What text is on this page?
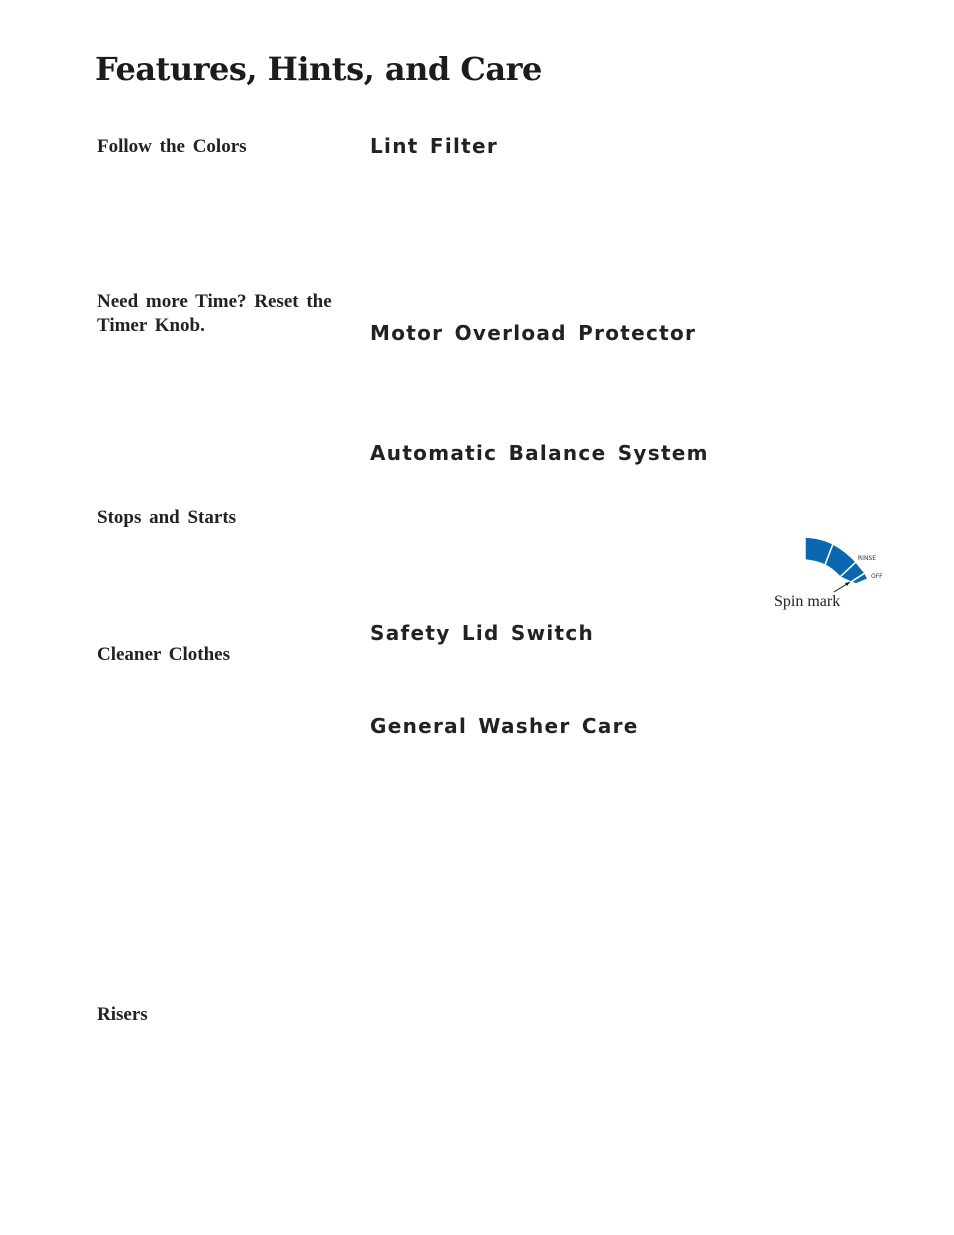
Features, Hints, and Care

Follow the Colors

Need more Time? Reset the Timer Knob.

Stops and Starts

Cleaner Clothes

Risers

Lint Filter
Motor Overload Protector
Automatic Balance System
Safety Lid Switch
General Washer Care
RINSE
OFF
Spin mark
